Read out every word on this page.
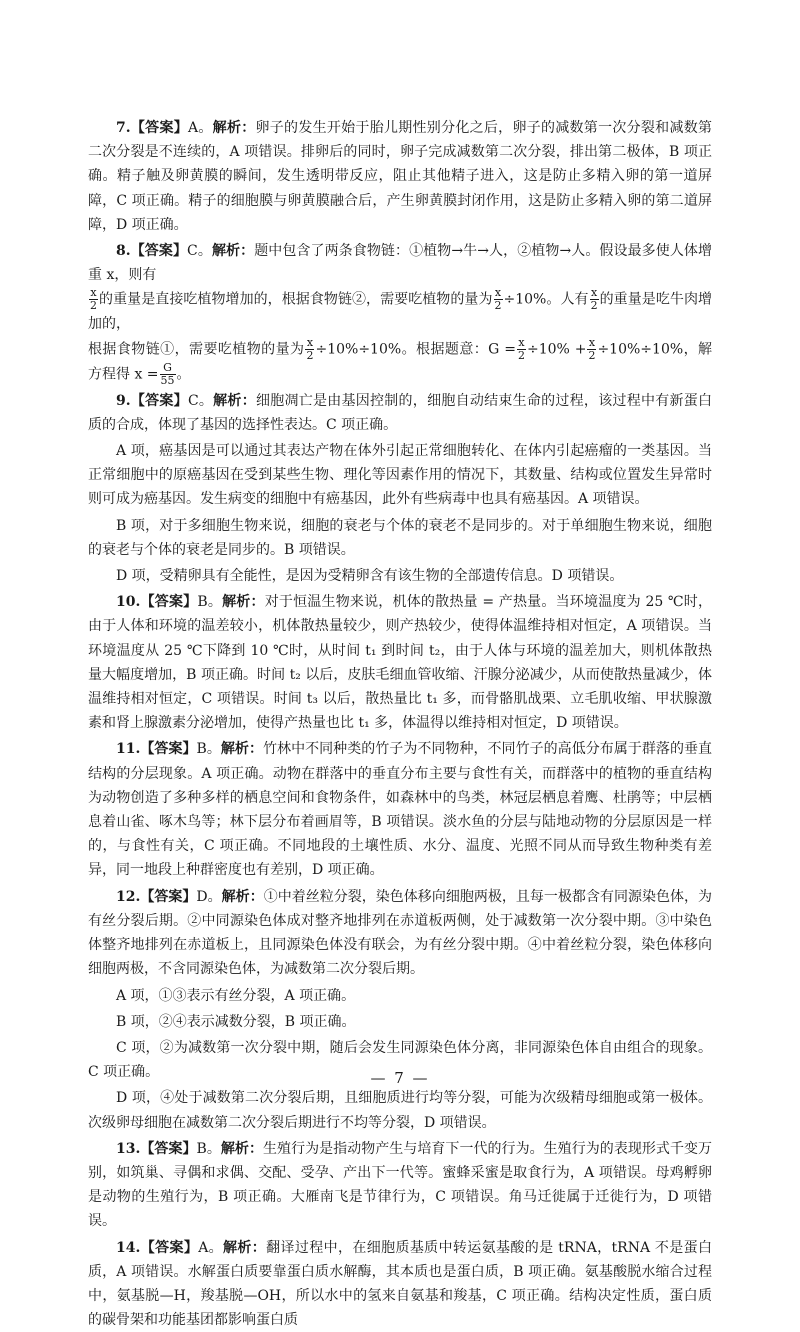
7.【答案】A。解析：卵子的发生开始于胎儿期性别分化之后，卵子的减数第一次分裂和减数第二次分裂是不连续的，A 项错误。排卵后的同时，卵子完成减数第二次分裂，排出第二极体，B 项正确。精子触及卵黄膜的瞬间，发生透明带反应，阻止其他精子进入，这是防止多精入卵的第一道屏障，C 项正确。精子的细胞膜与卵黄膜融合后，产生卵黄膜封闭作用，这是防止多精入卵的第二道屏障，D 项正确。

8.【答案】C。解析：题中包含了两条食物链：①植物→牛→人，②植物→人。假设最多使人体增重 x，则有

$\frac{x}{2}$ 的重量是直接吃植物增加的，根据食物链②，需要吃植物的量为 $\frac{x}{2} \div 10\%$。人有 $\frac{x}{2}$ 的重量是吃牛肉增加的，

根据食物链①，需要吃植物的量为 $\frac{x}{2} \div 10\%\div 10\%$。根据题意：$G = \frac{x}{2} \div 10\% + \frac{x}{2} \div 10\%\div 10\%$，解方程得 $x = \frac{G}{55}$ 。

9.【答案】C。解析：细胞凋亡是由基因控制的，细胞自动结束生命的过程，该过程中有新蛋白质的合成，体现了基因的选择性表达。C 项正确。

A 项，癌基因是可以通过其表达产物在体外引起正常细胞转化、在体内引起癌瘤的一类基因。当正常细胞中的原癌基因在受到某些生物、理化等因素作用的情况下，其数量、结构或位置发生异常时则可成为癌基因。发生病变的细胞中有癌基因，此外有些病毒中也具有癌基因。A 项错误。

B 项，对于多细胞生物来说，细胞的衰老与个体的衰老不是同步的。对于单细胞生物来说，细胞的衰老与个体的衰老是同步的。B 项错误。

D 项，受精卵具有全能性，是因为受精卵含有该生物的全部遗传信息。D 项错误。

10.【答案】B。解析：对于恒温生物来说，机体的散热量 = 产热量。当环境温度为 25 ℃时，由于人体和环境的温差较小，机体散热量较少，则产热较少，使得体温维持相对恒定，A 项错误。当环境温度从 25 ℃下降到 10 ℃时，从时间 t₁ 到时间 t₂，由于人体与环境的温差加大，则机体散热量大幅度增加，B 项正确。时间 t₂ 以后，皮肤毛细血管收缩、汗腺分泌减少，从而使散热量减少，体温维持相对恒定，C 项错误。时间 t₃ 以后，散热量比 t₁ 多，而骨骼肌战栗、立毛肌收缩、甲状腺激素和肾上腺激素分泌增加，使得产热量也比 t₁ 多，体温得以维持相对恒定，D 项错误。

11.【答案】B。解析：竹林中不同种类的竹子为不同物种，不同竹子的高低分布属于群落的垂直结构的分层现象。A 项正确。动物在群落中的垂直分布主要与食性有关，而群落中的植物的垂直结构为动物创造了多种多样的栖息空间和食物条件，如森林中的鸟类，林冠层栖息着鹰、杜鹃等；中层栖息着山雀、啄木鸟等；林下层分布着画眉等，B 项错误。淡水鱼的分层与陆地动物的分层原因是一样的，与食性有关，C 项正确。不同地段的土壤性质、水分、温度、光照不同从而导致生物种类有差异，同一地段上种群密度也有差别，D 项正确。

12.【答案】D。解析：①中着丝粒分裂，染色体移向细胞两极，且每一极都含有同源染色体，为有丝分裂后期。②中同源染色体成对整齐地排列在赤道板两侧，处于减数第一次分裂中期。③中染色体整齐地排列在赤道板上，且同源染色体没有联会，为有丝分裂中期。④中着丝粒分裂，染色体移向细胞两极，不含同源染色体，为减数第二次分裂后期。

A 项，①③表示有丝分裂，A 项正确。

B 项，②④表示减数分裂，B 项正确。

C 项，②为减数第一次分裂中期，随后会发生同源染色体分离，非同源染色体自由组合的现象。C 项正确。

D 项，④处于减数第二次分裂后期，且细胞质进行均等分裂，可能为次级精母细胞或第一极体。次级卵母细胞在减数第二次分裂后期进行不均等分裂，D 项错误。

13.【答案】B。解析：生殖行为是指动物产生与培育下一代的行为。生殖行为的表现形式千变万别，如筑巢、寻偶和求偶、交配、受孕、产出下一代等。蜜蜂采蜜是取食行为，A 项错误。母鸡孵卵是动物的生殖行为，B 项正确。大雁南飞是节律行为，C 项错误。角马迁徙属于迁徙行为，D 项错误。

14.【答案】A。解析：翻译过程中，在细胞质基质中转运氨基酸的是 tRNA，tRNA 不是蛋白质，A 项错误。水解蛋白质要靠蛋白质水解酶，其本质也是蛋白质，B 项正确。氨基酸脱水缩合过程中，氨基脱—H，羧基脱—OH，所以水中的氢来自氨基和羧基，C 项正确。结构决定性质，蛋白质的碳骨架和功能基团都影响蛋白质

— 7 —
